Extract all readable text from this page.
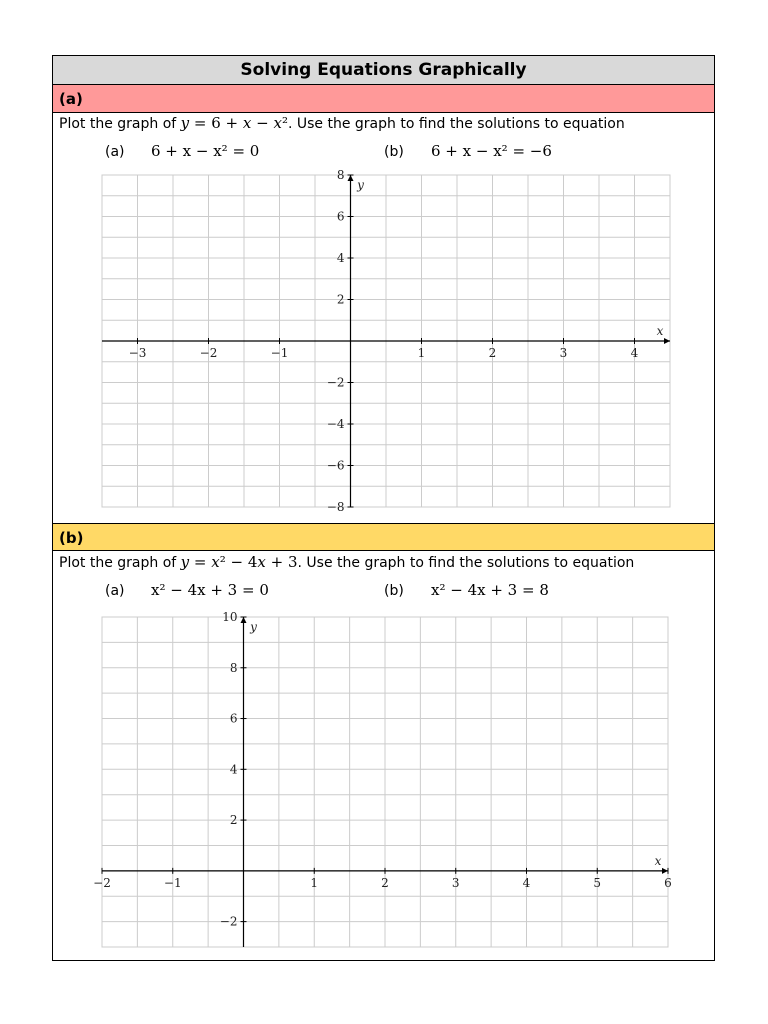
Solving Equations Graphically
(a)
Plot the graph of y = 6 + x − x². Use the graph to find the solutions to equation
(a) 6 + x − x² = 0	(b) 6 + x − x² = −6
(b)
Plot the graph of y = x² − 4x + 3. Use the graph to find the solutions to equation
(a) x² − 4x + 3 = 0	(b) x² − 4x + 3 = 8
−3	−2	−1	1	2	3	4
−8
−6
−4
−2
2
4
6
8
x
y
−2	−1	1	2	3	4	5	6
−2
2
4
6
8
10
x
y
